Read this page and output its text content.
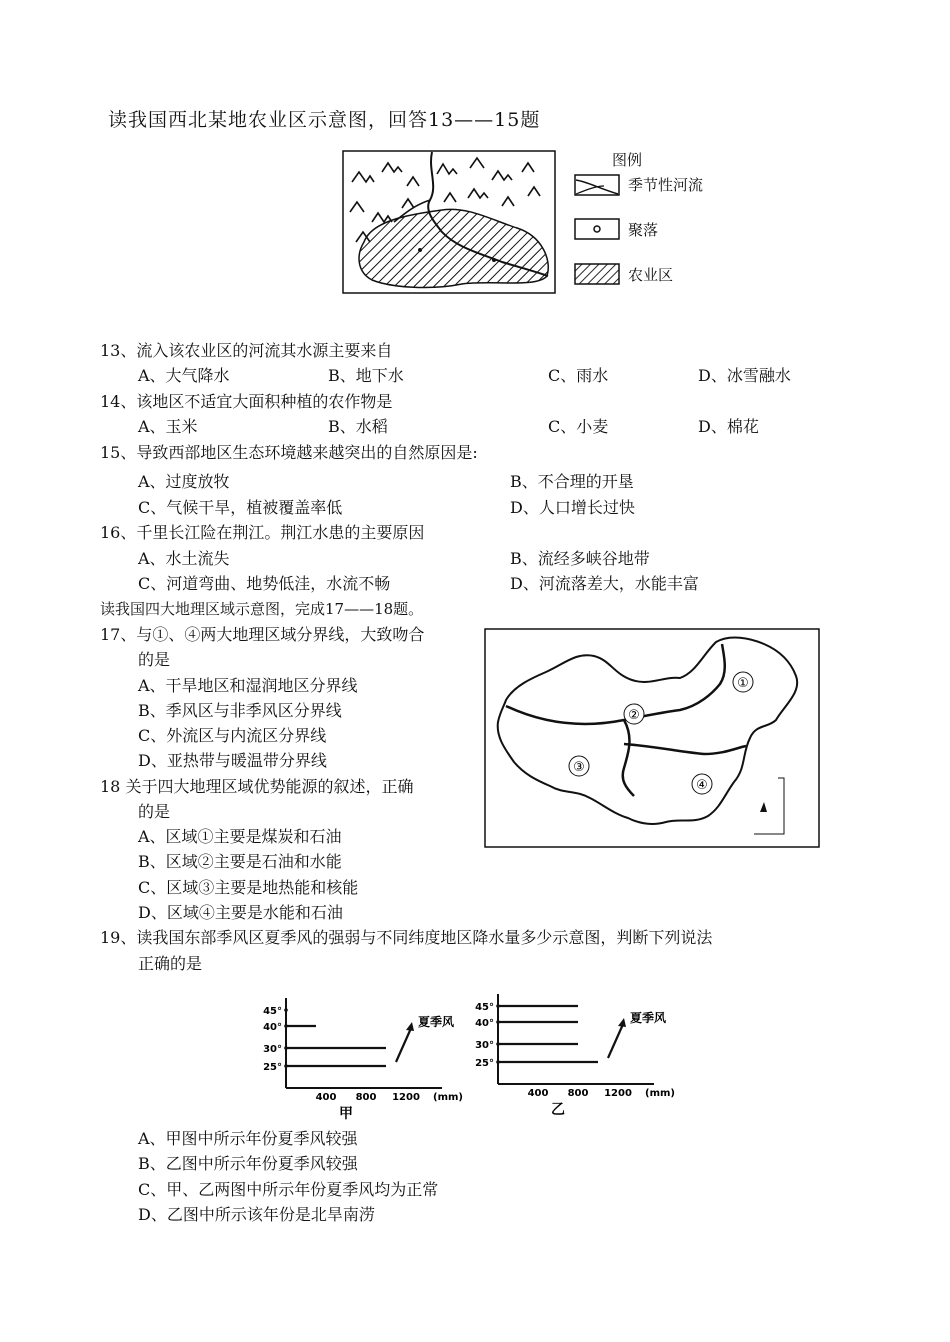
读我国西北某地农业区示意图，回答13——15题
图例
季节性河流
聚落
农业区
13、流入该农业区的河流其水源主要来自
A、大气降水	B、地下水	C、雨水	D、冰雪融水
14、该地区不适宜大面积种植的农作物是
A、玉米	B、水稻	C、小麦	D、棉花
15、导致西部地区生态环境越来越突出的自然原因是:
A、过度放牧	B、不合理的开垦
C、气候干旱，植被覆盖率低	D、人口增长过快
16、千里长江险在荆江。荆江水患的主要原因
A、水土流失	B、流经多峡谷地带
C、河道弯曲、地势低洼，水流不畅	D、河流落差大，水能丰富
读我国四大地理区域示意图，完成17——18题。
17、与①、④两大地理区域分界线，大致吻合
的是
A、干旱地区和湿润地区分界线
B、季风区与非季风区分界线
C、外流区与内流区分界线
D、亚热带与暖温带分界线
18 关于四大地理区域优势能源的叙述，正确
的是
A、区域①主要是煤炭和石油
B、区域②主要是石油和水能
C、区域③主要是地热能和核能
D、区域④主要是水能和石油
①
②
③
④
19、读我国东部季风区夏季风的强弱与不同纬度地区降水量多少示意图，判断下列说法
正确的是
45°
40°
30°
25°
400 800 1200 (mm)
夏季风
甲
45°
40°
30°
25°
400 800 1200 (mm)
夏季风
乙
A、甲图中所示年份夏季风较强
B、乙图中所示年份夏季风较强
C、甲、乙两图中所示年份夏季风均为正常
D、乙图中所示该年份是北旱南涝
